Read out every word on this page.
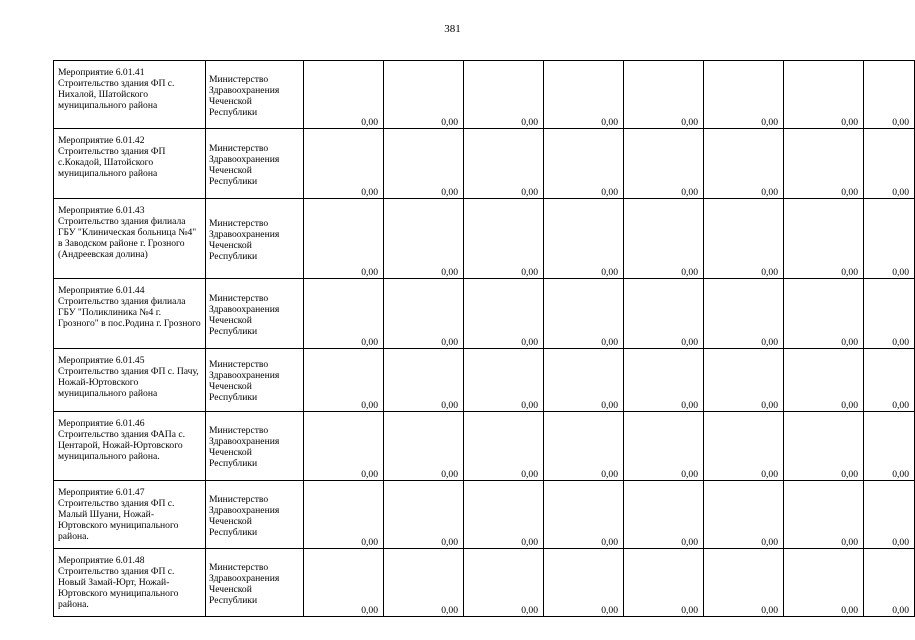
381
Мероприятие 6.01.41 Строительство здания ФП с. Нихалой, Шатойского муниципального района	Министерство Здравоохранения Чеченской Республики	0,00	0,00	0,00	0,00	0,00	0,00	0,00	0,00
Мероприятие 6.01.42 Строительство здания ФП с.Кокадой, Шатойского муниципального района	Министерство Здравоохранения Чеченской Республики	0,00	0,00	0,00	0,00	0,00	0,00	0,00	0,00
Мероприятие 6.01.43 Строительство здания филиала ГБУ "Клиническая больница №4" в Заводском районе г. Грозного (Андреевская долина)	Министерство Здравоохранения Чеченской Республики	0,00	0,00	0,00	0,00	0,00	0,00	0,00	0,00
Мероприятие 6.01.44 Строительство здания филиала ГБУ "Поликлиника №4 г. Грозного" в пос.Родина г. Грозного	Министерство Здравоохранения Чеченской Республики	0,00	0,00	0,00	0,00	0,00	0,00	0,00	0,00
Мероприятие 6.01.45 Строительство здания ФП с. Пачу, Ножай-Юртовского муниципального района	Министерство Здравоохранения Чеченской Республики	0,00	0,00	0,00	0,00	0,00	0,00	0,00	0,00
Мероприятие 6.01.46 Строительство здания ФАПа с. Центарой, Ножай-Юртовского муниципального района.	Министерство Здравоохранения Чеченской Республики	0,00	0,00	0,00	0,00	0,00	0,00	0,00	0,00
Мероприятие 6.01.47 Строительство здания ФП с. Малый Шуани, Ножай-Юртовского муниципального района.	Министерство Здравоохранения Чеченской Республики	0,00	0,00	0,00	0,00	0,00	0,00	0,00	0,00
Мероприятие 6.01.48 Строительство здания ФП с. Новый Замай-Юрт, Ножай-Юртовского муниципального района.	Министерство Здравоохранения Чеченской Республики	0,00	0,00	0,00	0,00	0,00	0,00	0,00	0,00
